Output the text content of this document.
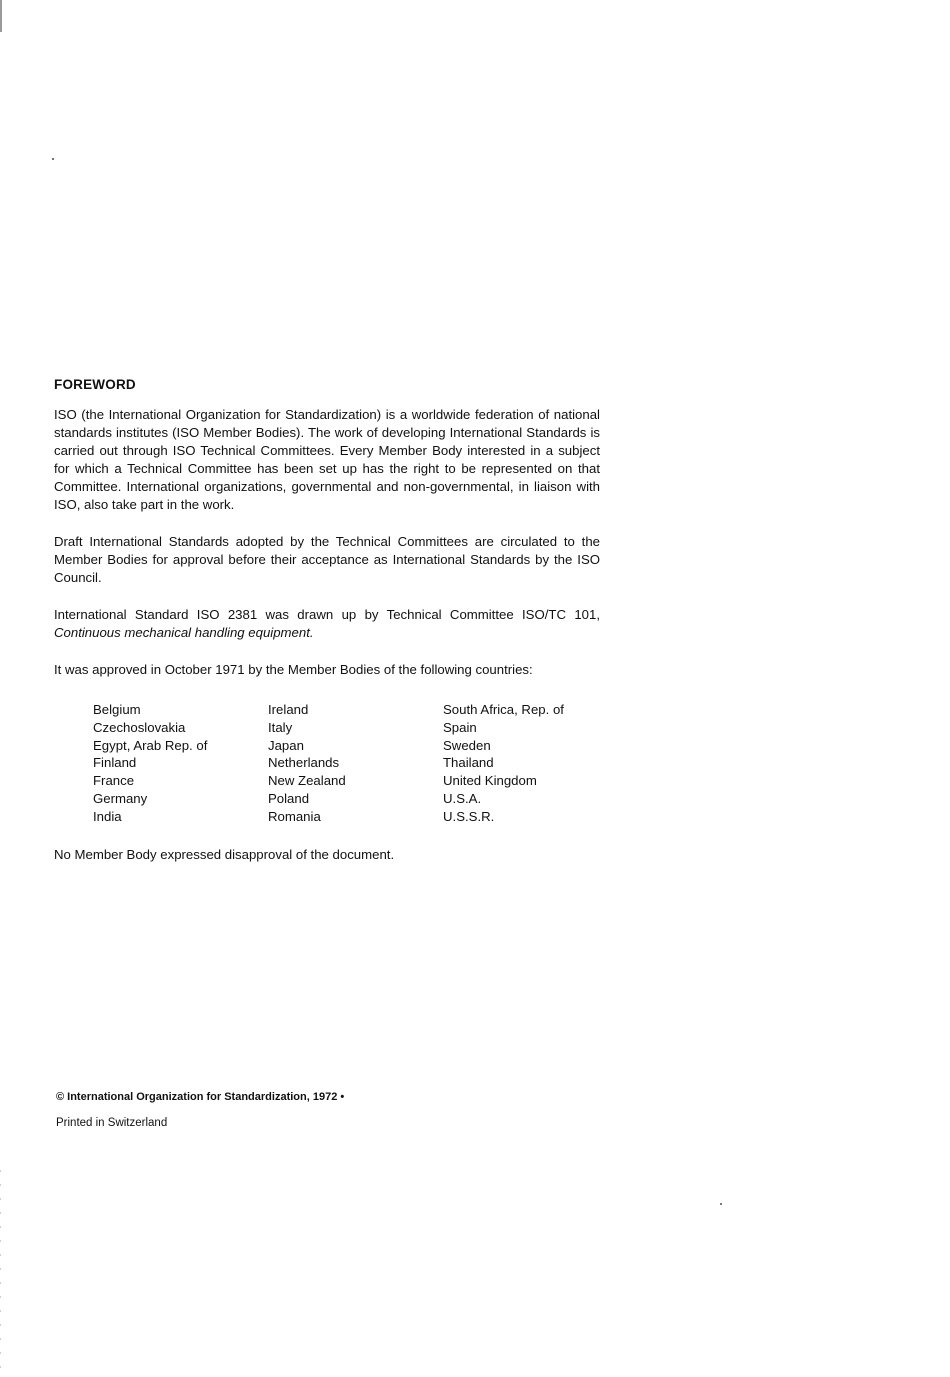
FOREWORD

ISO (the International Organization for Standardization) is a worldwide federation of national standards institutes (ISO Member Bodies). The work of developing International Standards is carried out through ISO Technical Committees. Every Member Body interested in a subject for which a Technical Committee has been set up has the right to be represented on that Committee. International organizations, governmental and non-governmental, in liaison with ISO, also take part in the work.

Draft International Standards adopted by the Technical Committees are circulated to the Member Bodies for approval before their acceptance as International Standards by the ISO Council.

International Standard ISO 2381 was drawn up by Technical Committee ISO/TC 101, Continuous mechanical handling equipment.

It was approved in October 1971 by the Member Bodies of the following countries:

Belgium
Czechoslovakia
Egypt, Arab Rep. of
Finland
France
Germany
India
Ireland
Italy
Japan
Netherlands
New Zealand
Poland
Romania
South Africa, Rep. of
Spain
Sweden
Thailand
United Kingdom
U.S.A.
U.S.S.R.

No Member Body expressed disapproval of the document.

© International Organization for Standardization, 1972 •

Printed in Switzerland
